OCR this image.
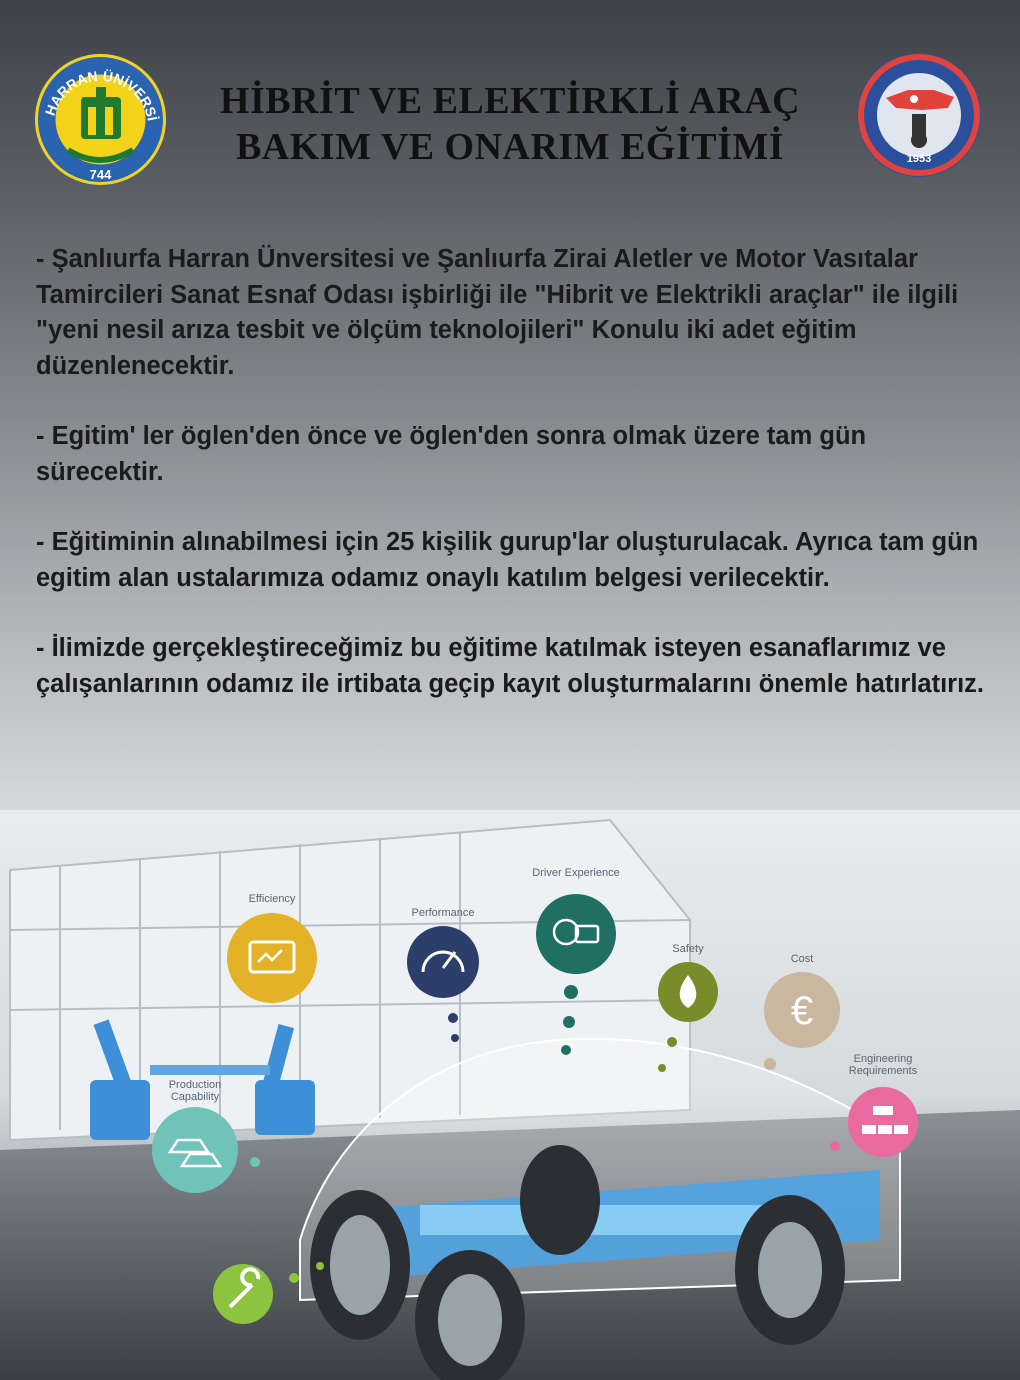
HARRAN ÜNİVERSİ
744
HİBRİT VE ELEKTİRKLİ ARAÇ
BAKIM VE ONARIM EĞİTİMİ	1953

- Şanlıurfa Harran Ünversitesi ve Şanlıurfa Zirai Aletler ve Motor Vasıtalar Tamircileri Sanat Esnaf Odası işbirliği ile "Hibrit ve Elektrikli araçlar" ile ilgili "yeni nesil arıza tesbit ve ölçüm teknolojileri" Konulu iki adet eğitim düzenlenecektir.

- Egitim' ler öglen'den önce ve öglen'den sonra olmak üzere tam gün sürecektir.

- Eğitiminin alınabilmesi için 25 kişilik gurup'lar oluşturulacak. Ayrıca tam gün egitim alan ustalarımıza odamız onaylı katılım belgesi verilecektir.

- İlimizde gerçekleştireceğimiz bu eğitime katılmak isteyen esanaflarımız ve çalışanlarının odamız ile irtibata geçip kayıt oluşturmalarını önemle hatırlatırız.

Efficiency
Performance
Driver Experience
Safety
€
Cost
Engineering
Requirements
Production
Capability
Serviceability
